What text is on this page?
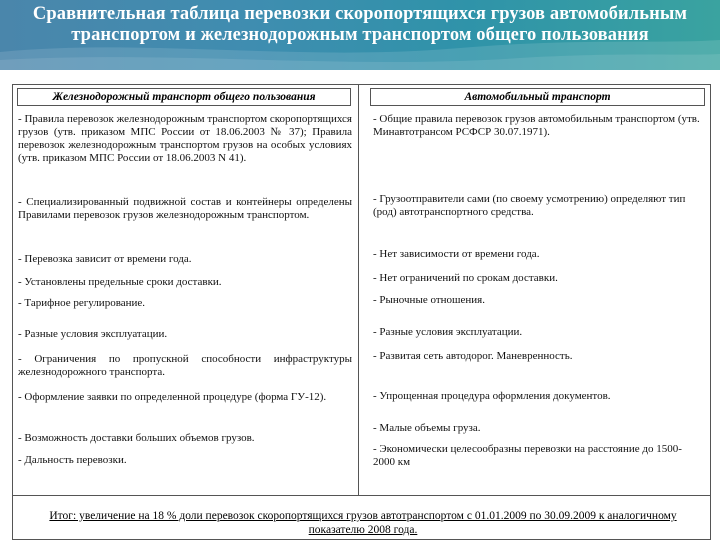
Сравнительная таблица перевозки скоропортящихся грузов автомобильным
транспортом и железнодорожным транспортом общего пользования
Железнодорожный транспорт общего пользования	Автомобильный транспорт
- Правила перевозок железнодорожным транспортом скоропортящихся грузов (утв. приказом МПС России от 18.06.2003 № 37); Правила перевозок железнодорожным транспортом грузов на особых условиях (утв. приказом МПС России от 18.06.2003 N 41).
- Специализированный подвижной состав и контейнеры определены Правилами перевозок грузов железнодорожным транспортом.
- Перевозка зависит от времени года.
- Установлены предельные сроки доставки.
- Тарифное регулирование.
- Разные условия эксплуатации.
- Ограничения по пропускной способности инфраструктуры железнодорожного транспорта.
- Оформление заявки по определенной процедуре (форма ГУ-12).
- Возможность доставки больших объемов грузов.
- Дальность перевозки.
- Общие правила перевозок грузов автомобильным транспортом (утв. Минавтотрансом РСФСР 30.07.1971).
- Грузоотправители сами (по своему усмотрению) определяют тип (род) автотранспортного средства.
- Нет зависимости от времени года.
- Нет ограничений по срокам доставки.
- Рыночные отношения.
- Разные условия эксплуатации.
- Развитая сеть автодорог. Маневренность.
- Упрощенная процедура оформления документов.
- Малые объемы груза.
- Экономически целесообразны перевозки на расстояние до 1500-2000 км
Итог: увеличение на 18 % доли перевозок скоропортящихся грузов автотранспортом с 01.01.2009 по 30.09.2009 к аналогичному показателю 2008 года.
